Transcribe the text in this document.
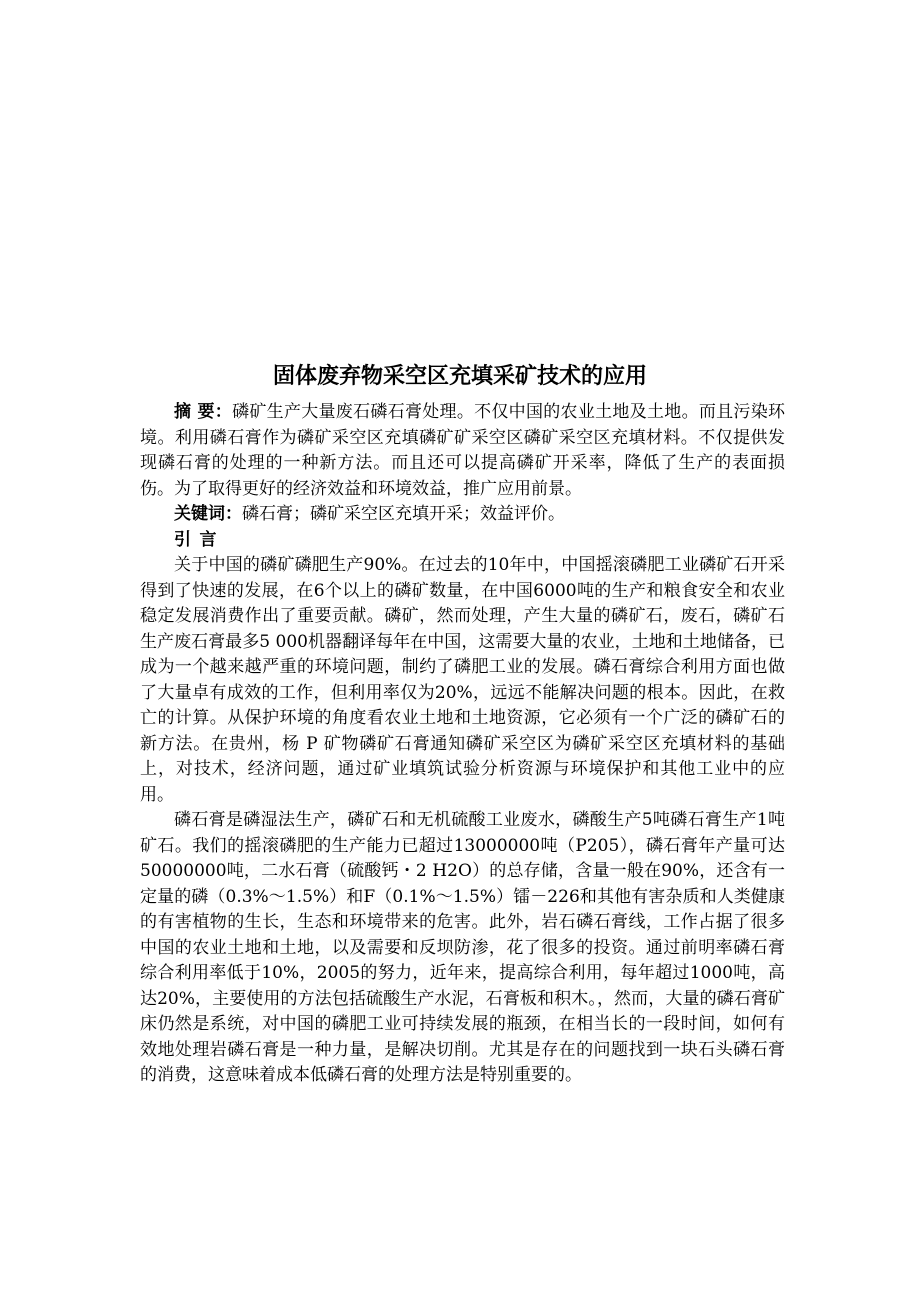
固体废弃物采空区充填采矿技术的应用

摘 要：磷矿生产大量废石磷石膏处理。不仅中国的农业土地及土地。而且污染环境。利用磷石膏作为磷矿采空区充填磷矿矿采空区磷矿采空区充填材料。不仅提供发现磷石膏的处理的一种新方法。而且还可以提高磷矿开采率，降低了生产的表面损伤。为了取得更好的经济效益和环境效益，推广应用前景。

关键词：磷石膏；磷矿采空区充填开采；效益评价。

引言

关于中国的磷矿磷肥生产90%。在过去的10年中，中国摇滚磷肥工业磷矿石开采得到了快速的发展，在6个以上的磷矿数量，在中国6000吨的生产和粮食安全和农业稳定发展消费作出了重要贡献。磷矿，然而处理，产生大量的磷矿石，废石，磷矿石生产废石膏最多5 000机器翻译每年在中国，这需要大量的农业，土地和土地储备，已成为一个越来越严重的环境问题，制约了磷肥工业的发展。磷石膏综合利用方面也做了大量卓有成效的工作，但利用率仅为20%，远远不能解决问题的根本。因此，在救亡的计算。从保护环境的角度看农业土地和土地资源，它必须有一个广泛的磷矿石的新方法。在贵州，杨 P 矿物磷矿石膏通知磷矿采空区为磷矿采空区充填材料的基础上，对技术，经济问题，通过矿业填筑试验分析资源与环境保护和其他工业中的应用。

磷石膏是磷湿法生产，磷矿石和无机硫酸工业废水，磷酸生产5吨磷石膏生产1吨矿石。我们的摇滚磷肥的生产能力已超过13000000吨（P205），磷石膏年产量可达50000000吨，二水石膏（硫酸钙・2 H2O）的总存储，含量一般在90%，还含有一定量的磷（0.3%～1.5%）和F（0.1%～1.5%）镭－226和其他有害杂质和人类健康的有害植物的生长，生态和环境带来的危害。此外，岩石磷石膏线，工作占据了很多中国的农业土地和土地，以及需要和反坝防渗，花了很多的投资。通过前明率磷石膏综合利用率低于10%，2005的努力，近年来，提高综合利用，每年超过1000吨，高达20%，主要使用的方法包括硫酸生产水泥，石膏板和积木。，然而，大量的磷石膏矿床仍然是系统，对中国的磷肥工业可持续发展的瓶颈，在相当长的一段时间，如何有效地处理岩磷石膏是一种力量，是解决切削。尤其是存在的问题找到一块石头磷石膏的消费，这意味着成本低磷石膏的处理方法是特别重要的。
